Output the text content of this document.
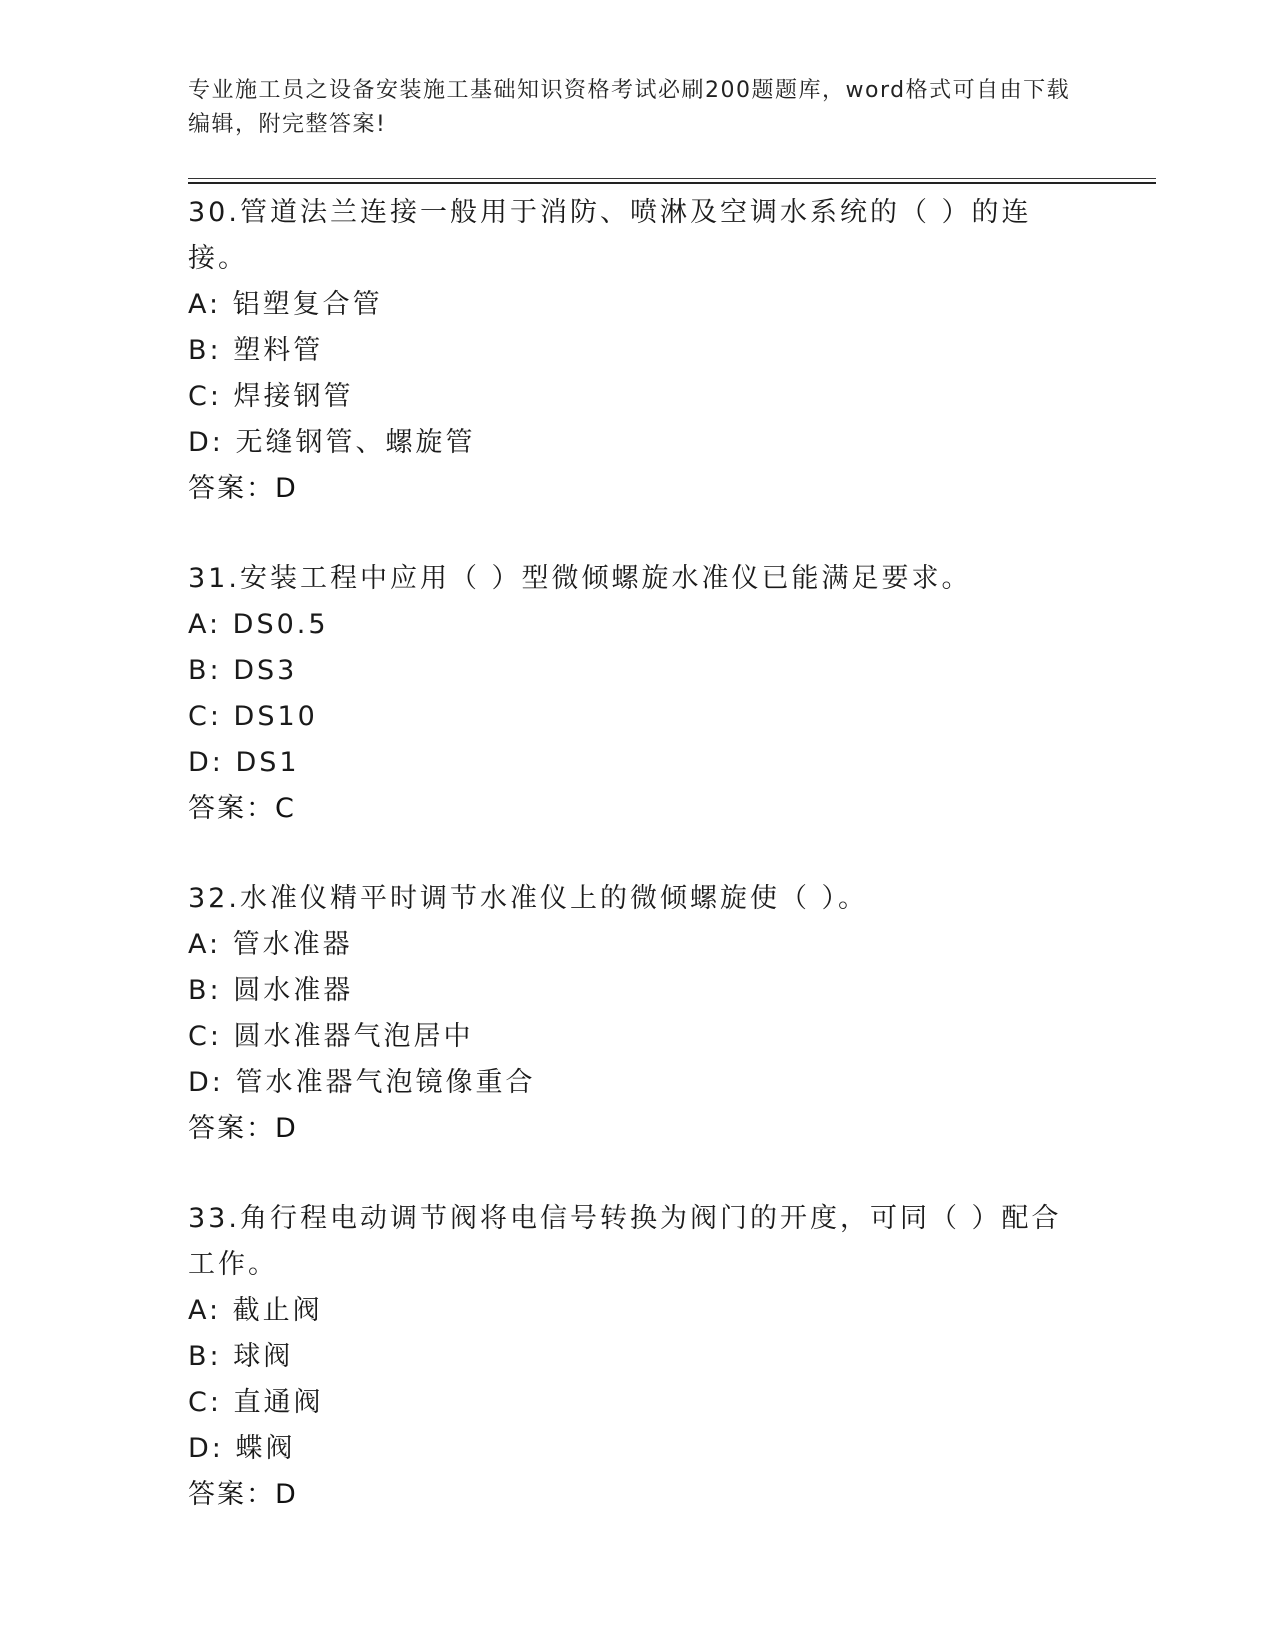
专业施工员之设备安装施工基础知识资格考试必刷200题题库，word格式可自由下载编辑，附完整答案!
30.管道法兰连接一般用于消防、喷淋及空调水系统的（ ）的连接。
A: 铝塑复合管
B: 塑料管
C: 焊接钢管
D: 无缝钢管、螺旋管
答案：D
31.安装工程中应用（ ）型微倾螺旋水准仪已能满足要求。
A: DS0.5
B: DS3
C: DS10
D: DS1
答案：C
32.水准仪精平时调节水准仪上的微倾螺旋使（ ）。
A: 管水准器
B: 圆水准器
C: 圆水准器气泡居中
D: 管水准器气泡镜像重合
答案：D
33.角行程电动调节阀将电信号转换为阀门的开度，可同（ ）配合工作。
A: 截止阀
B: 球阀
C: 直通阀
D: 蝶阀
答案：D
